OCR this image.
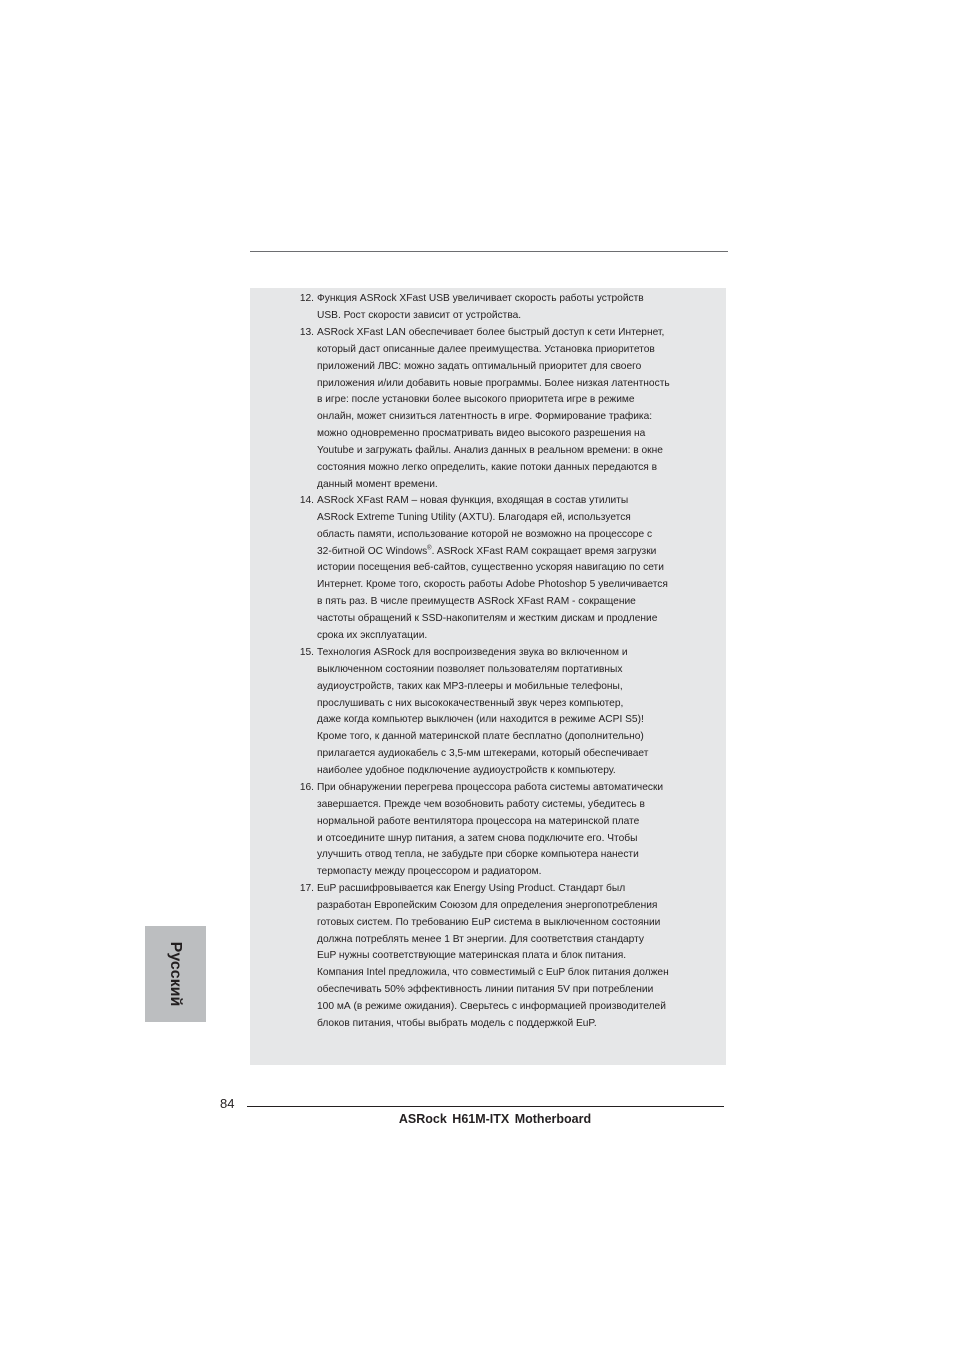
12. Функция ASRock XFast USB увеличивает скорость работы устройств
USB. Рост скорости зависит от устройства.
13. ASRock XFast LAN обеспечивает более быстрый доступ к сети Интернет,
который даст описанные далее преимущества. Установка приоритетов
приложений ЛВС: можно задать оптимальный приоритет для своего
приложения и/или добавить новые программы. Более низкая латентность
в игре: после установки более высокого приоритета игре в режиме
онлайн, может снизиться латентность в игре. Формирование трафика:
можно одновременно просматривать видео высокого разрешения на
Youtube и загружать файлы. Анализ данных в реальном времени: в окне
состояния можно легко определить, какие потоки данных передаются в
данный момент времени.
14. ASRock XFast RAM – новая функция, входящая в состав утилиты
ASRock Extreme Tuning Utility (AXTU). Благодаря ей, используется
область памяти, использование которой не возможно на процессоре с
32-битной ОС Windows®. ASRock XFast RAM сокращает время загрузки
истории посещения веб-сайтов, существенно ускоряя навигацию по сети
Интернет. Кроме того, скорость работы Adobe Photoshop 5 увеличивается
в пять раз. В числе преимуществ ASRock XFast RAM - сокращение
частоты обращений к SSD-накопителям и жестким дискам и продление
срока их эксплуатации.
15. Технология ASRock для воспроизведения звука во включенном и
выключенном состоянии позволяет пользователям портативных
аудиоустройств, таких как MP3-плееры и мобильные телефоны,
прослушивать с них высококачественный звук через компьютер,
даже когда компьютер выключен (или находится в режиме ACPI S5)!
Кроме того, к данной материнской плате бесплатно (дополнительно)
прилагается аудиокабель с 3,5-мм штекерами, который обеспечивает
наиболее удобное подключение аудиоустройств к компьютеру.
16. При обнаружении перегрева процессора работа системы автоматически
завершается. Прежде чем возобновить работу системы, убедитесь в
нормальной работе вентилятора процессора на материнской плате
и отсоедините шнур питания, а затем снова подключите его. Чтобы
улучшить отвод тепла, не забудьте при сборке компьютера нанести
термопасту между процессором и радиатором.
17. EuP расшифровывается как Energy Using Product. Стандарт был
разработан Европейским Союзом для определения энергопотребления
готовых систем. По требованию EuP система в выключенном состоянии
должна потреблять менее 1 Вт энергии. Для соответствия стандарту
EuP нужны соответствующие материнская плата и блок питания.
Компания Intel предложила, что совместимый с EuP блок питания должен
обеспечивать 50% эффективность линии питания 5V при потреблении
100 мА (в режиме ожидания). Сверьтесь с информацией производителей
блоков питания, чтобы выбрать модель с поддержкой EuP.
Русский
84
ASRock H61M-ITX Motherboard
